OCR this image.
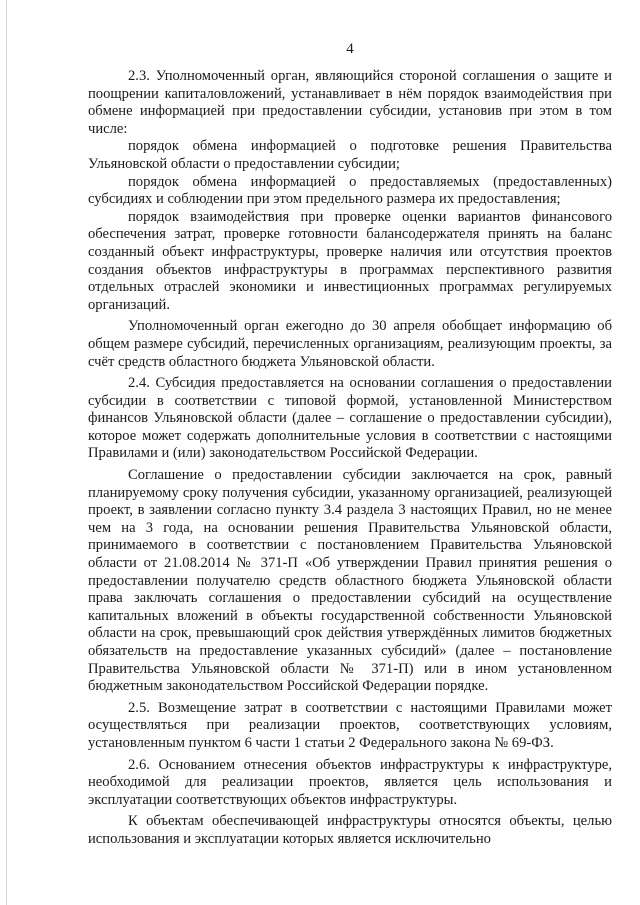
4

2.3. Уполномоченный орган, являющийся стороной соглашения о защите и поощрении капиталовложений, устанавливает в нём порядок взаимодействия при обмене информацией при предоставлении субсидии, установив при этом в том числе:

порядок обмена информацией о подготовке решения Правительства Ульяновской области о предоставлении субсидии;

порядок обмена информацией о предоставляемых (предоставленных) субсидиях и соблюдении при этом предельного размера их предоставления;

порядок взаимодействия при проверке оценки вариантов финансового обеспечения затрат, проверке готовности балансодержателя принять на баланс созданный объект инфраструктуры, проверке наличия или отсутствия проектов создания объектов инфраструктуры в программах перспективного развития отдельных отраслей экономики и инвестиционных программах регулируемых организаций.

Уполномоченный орган ежегодно до 30 апреля обобщает информацию об общем размере субсидий, перечисленных организациям, реализующим проекты, за счёт средств областного бюджета Ульяновской области.

2.4. Субсидия предоставляется на основании соглашения о предоставлении субсидии в соответствии с типовой формой, установленной Министерством финансов Ульяновской области (далее – соглашение о предоставлении субсидии), которое может содержать дополнительные условия в соответствии с настоящими Правилами и (или) законодательством Российской Федерации.

Соглашение о предоставлении субсидии заключается на срок, равный планируемому сроку получения субсидии, указанному организацией, реализующей проект, в заявлении согласно пункту 3.4 раздела 3 настоящих Правил, но не менее чем на 3 года, на основании решения Правительства Ульяновской области, принимаемого в соответствии с постановлением Правительства Ульяновской области от 21.08.2014 № 371-П «Об утверждении Правил принятия решения о предоставлении получателю средств областного бюджета Ульяновской области права заключать соглашения о предоставлении субсидий на осуществление капитальных вложений в объекты государственной собственности Ульяновской области на срок, превышающий срок действия утверждённых лимитов бюджетных обязательств на предоставление указанных субсидий» (далее – постановление Правительства Ульяновской области № 371-П) или в ином установленном бюджетным законодательством Российской Федерации порядке.

2.5. Возмещение затрат в соответствии с настоящими Правилами может осуществляться при реализации проектов, соответствующих условиям, установленным пунктом 6 части 1 статьи 2 Федерального закона № 69-ФЗ.

2.6. Основанием отнесения объектов инфраструктуры к инфраструктуре, необходимой для реализации проектов, является цель использования и эксплуатации соответствующих объектов инфраструктуры.

К объектам обеспечивающей инфраструктуры относятся объекты, целью использования и эксплуатации которых является исключительно
